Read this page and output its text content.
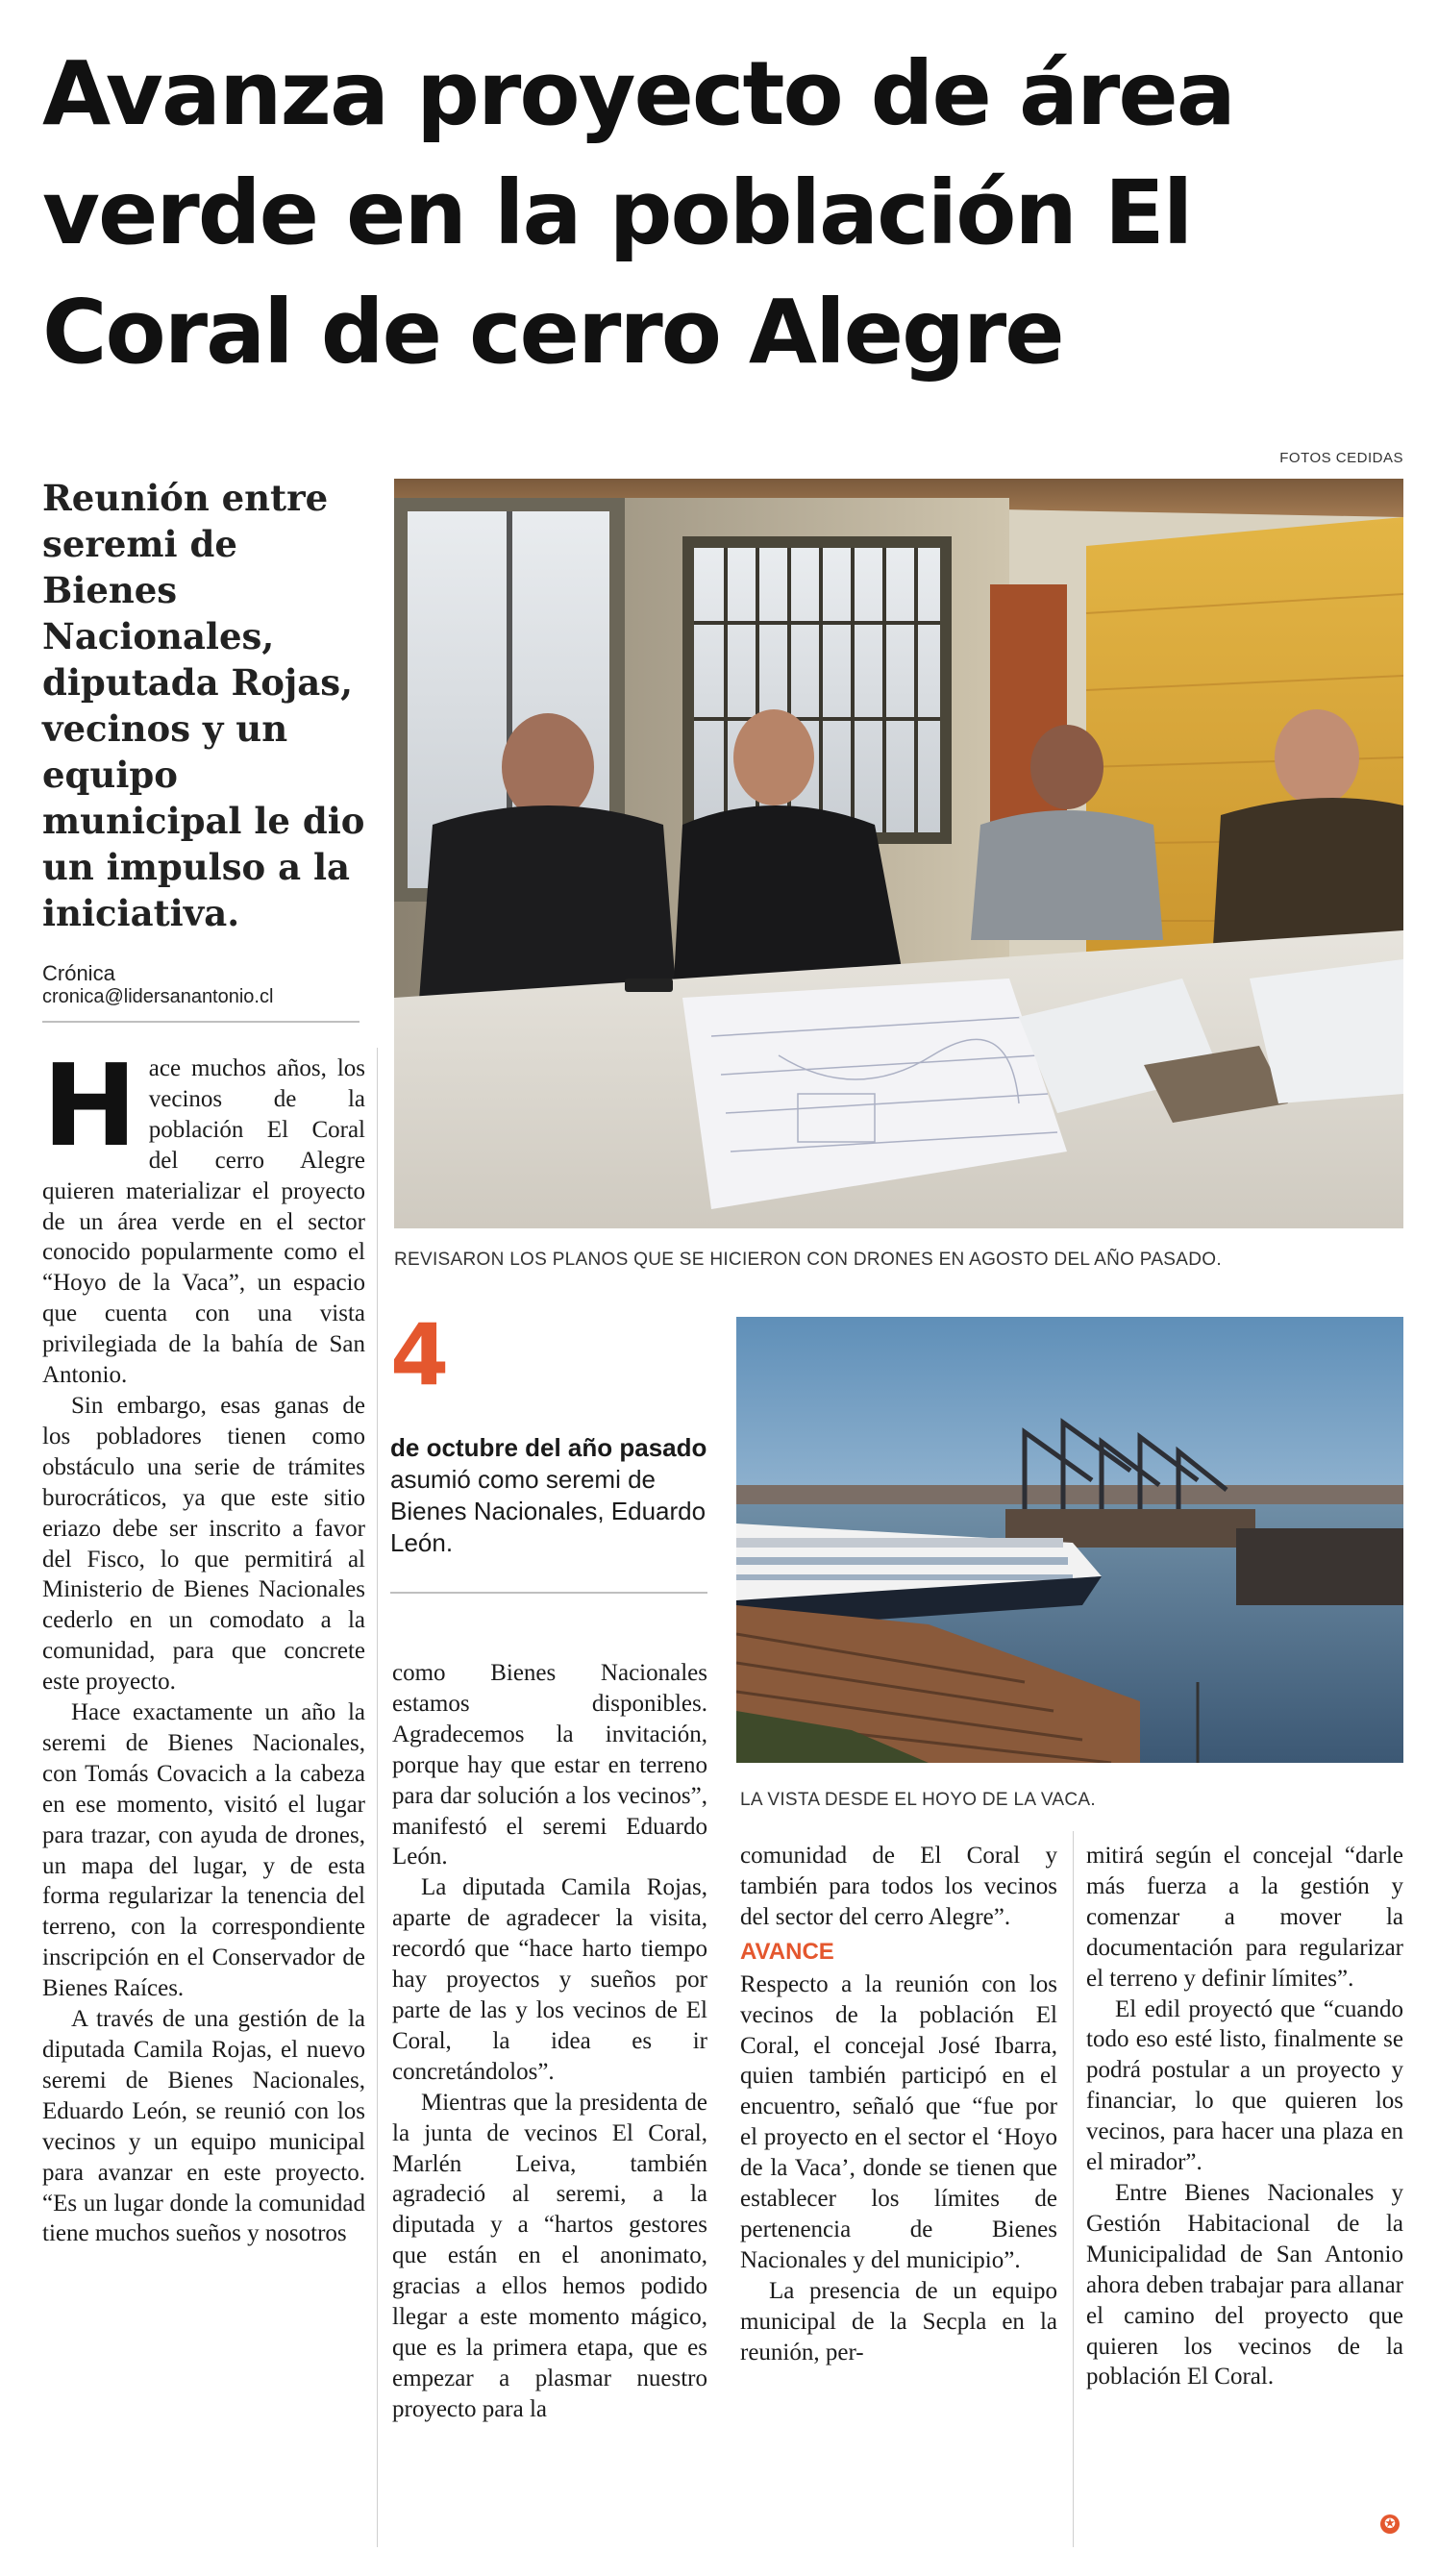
Avanza proyecto de área verde en la población El Coral de cerro Alegre
FOTOS CEDIDAS
Reunión entre seremi de Bienes Nacionales, diputada Rojas, vecinos y un equipo municipal le dio un impulso a la iniciativa.
Crónica
cronica@lidersanantonio.cl
REVISARON LOS PLANOS QUE SE HICIERON CON DRONES EN AGOSTO DEL AÑO PASADO.
LA VISTA DESDE EL HOYO DE LA VACA.
4
de octubre del año pasado asumió como seremi de Bienes Nacionales, Eduardo León.

Hace muchos años, los vecinos de la población El Coral del cerro Alegre quieren materializar el proyecto de un área verde en el sector conocido popularmente como el “Hoyo de la Vaca”, un espacio que cuenta con una vista privilegiada de la bahía de San Antonio.

Sin embargo, esas ganas de los pobladores tienen como obstáculo una serie de trámites burocráticos, ya que este sitio eriazo debe ser inscrito a favor del Fisco, lo que permitirá al Ministerio de Bienes Nacionales cederlo en un comodato a la comunidad, para que concrete este proyecto.

Hace exactamente un año la seremi de Bienes Nacionales, con Tomás Covacich a la cabeza en ese momento, visitó el lugar para trazar, con ayuda de drones, un mapa del lugar, y de esta forma regularizar la tenencia del terreno, con la correspondiente inscripción en el Conservador de Bienes Raíces.

A través de una gestión de la diputada Camila Rojas, el nuevo seremi de Bienes Nacionales, Eduardo León, se reunió con los vecinos y un equipo municipal para avanzar en este proyecto. “Es un lugar donde la comunidad tiene muchos sueños y nosotros

como Bienes Nacionales estamos disponibles. Agradecemos la invitación, porque hay que estar en terreno para dar solución a los vecinos”, manifestó el seremi Eduardo León.

La diputada Camila Rojas, aparte de agradecer la visita, recordó que “hace harto tiempo hay proyectos y sueños por parte de las y los vecinos de El Coral, la idea es ir concretándolos”.

Mientras que la presidenta de la junta de vecinos El Coral, Marlén Leiva, también agradeció al seremi, a la diputada y a “hartos gestores que están en el anonimato, gracias a ellos hemos podido llegar a este momento mágico, que es la primera etapa, que es empezar a plasmar nuestro proyecto para la

comunidad de El Coral y también para todos los vecinos del sector del cerro Alegre”.

AVANCE

Respecto a la reunión con los vecinos de la población El Coral, el concejal José Ibarra, quien también participó en el encuentro, señaló que “fue por el proyecto en el sector el ‘Hoyo de la Vaca’, donde se tienen que establecer los límites de pertenencia de Bienes Nacionales y del municipio”.

La presencia de un equipo municipal de la Secpla en la reunión, per-

mitirá según el concejal “darle más fuerza a la gestión y comenzar a mover la documentación para regularizar el terreno y definir límites”.

El edil proyectó que “cuando todo eso esté listo, finalmente se podrá postular a un proyecto y financiar, lo que quieren los vecinos, para hacer una plaza en el mirador”.

Entre Bienes Nacionales y Gestión Habitacional de la Municipalidad de San Antonio ahora deben trabajar para allanar el camino del proyecto que quieren los vecinos de la población El Coral.

✪
